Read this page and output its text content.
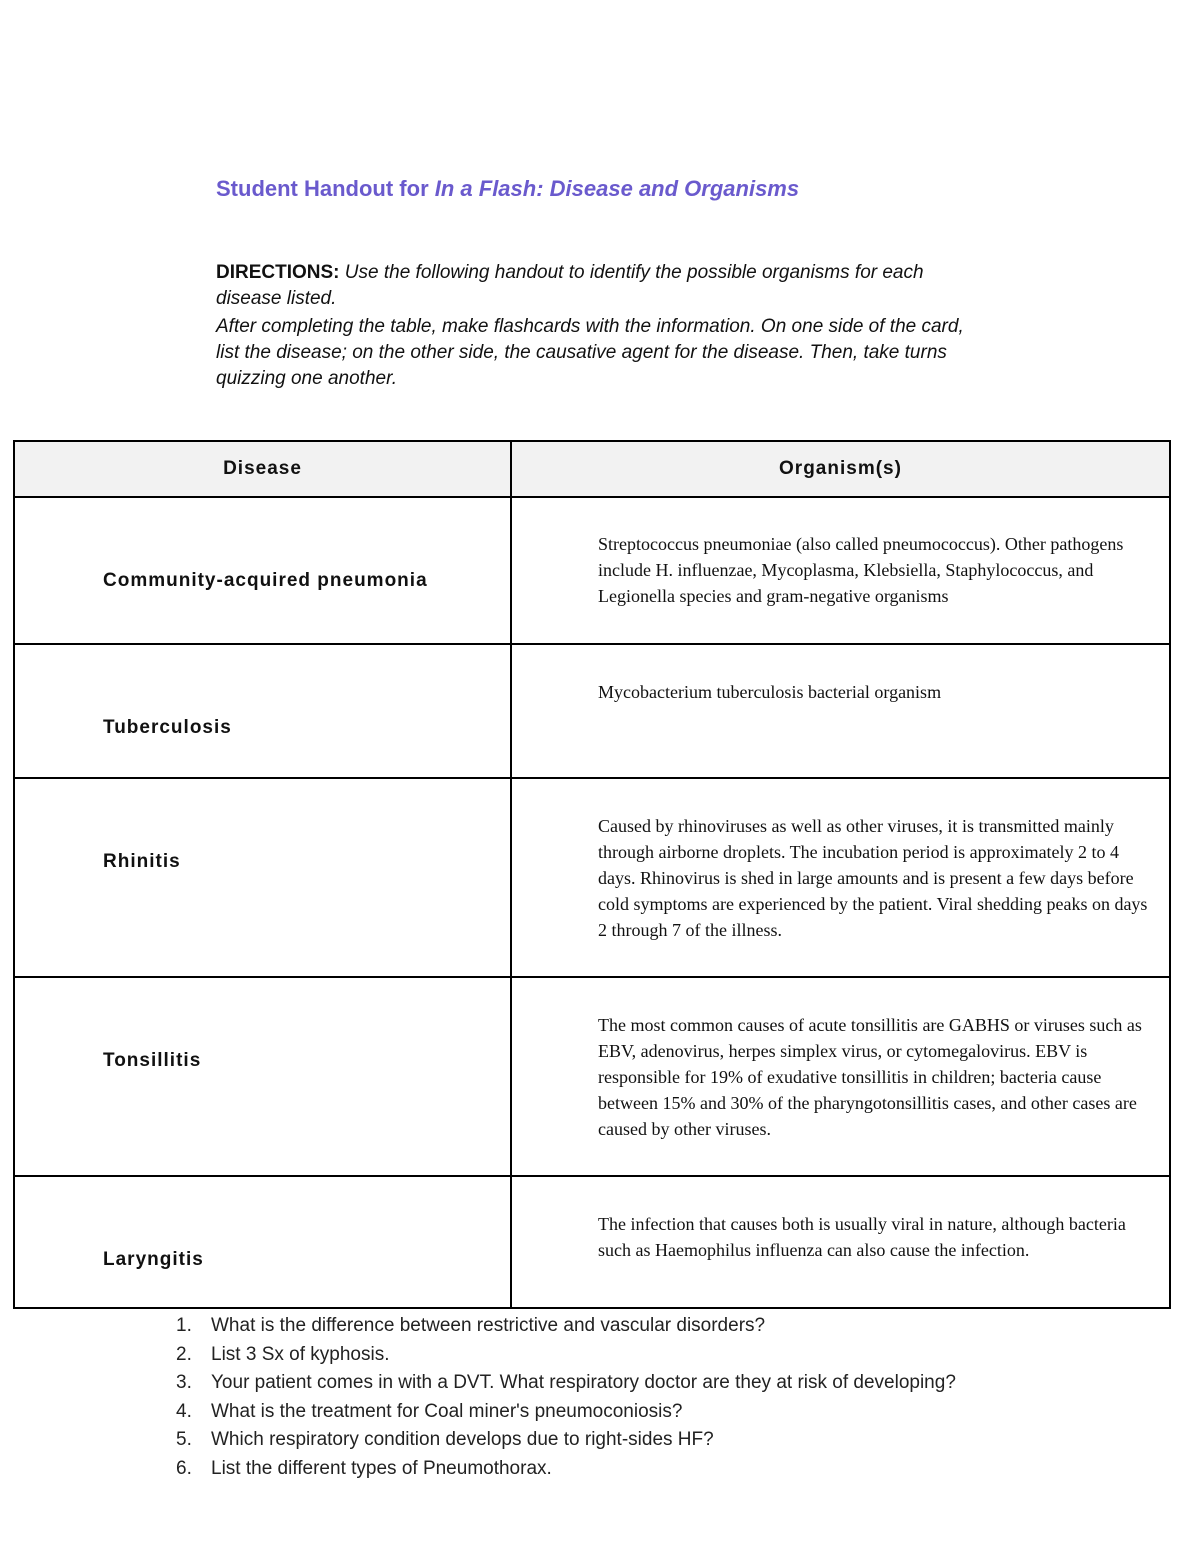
Student Handout for In a Flash: Disease and Organisms
DIRECTIONS: Use the following handout to identify the possible organisms for each disease listed.
After completing the table, make flashcards with the information. On one side of the card, list the disease; on the other side, the causative agent for the disease. Then, take turns quizzing one another.
Disease	Organism(s)

Community-acquired pneumonia	Streptococcus pneumoniae (also called pneumococcus). Other pathogens include H. influenzae, Mycoplasma, Klebsiella, Staphylococcus, and Legionella species and gram-negative organisms

Tuberculosis	Mycobacterium tuberculosis bacterial organism

Rhinitis	Caused by rhinoviruses as well as other viruses, it is transmitted mainly through airborne droplets. The incubation period is approximately 2 to 4 days. Rhinovirus is shed in large amounts and is present a few days before cold symptoms are experienced by the patient. Viral shedding peaks on days 2 through 7 of the illness.

Tonsillitis	The most common causes of acute tonsillitis are GABHS or viruses such as EBV, adenovirus, herpes simplex virus, or cytomegalovirus. EBV is responsible for 19% of exudative tonsillitis in children; bacteria cause between 15% and 30% of the pharyngotonsillitis cases, and other cases are caused by other viruses.

Laryngitis	The infection that causes both is usually viral in nature, although bacteria such as Haemophilus influenza can also cause the infection.
1.	What is the difference between restrictive and vascular disorders?
2.	List 3 Sx of kyphosis.
3.	Your patient comes in with a DVT. What respiratory doctor are they at risk of developing?
4.	What is the treatment for Coal miner's pneumoconiosis?
5.	Which respiratory condition develops due to right-sides HF?
6.	List the different types of Pneumothorax.
